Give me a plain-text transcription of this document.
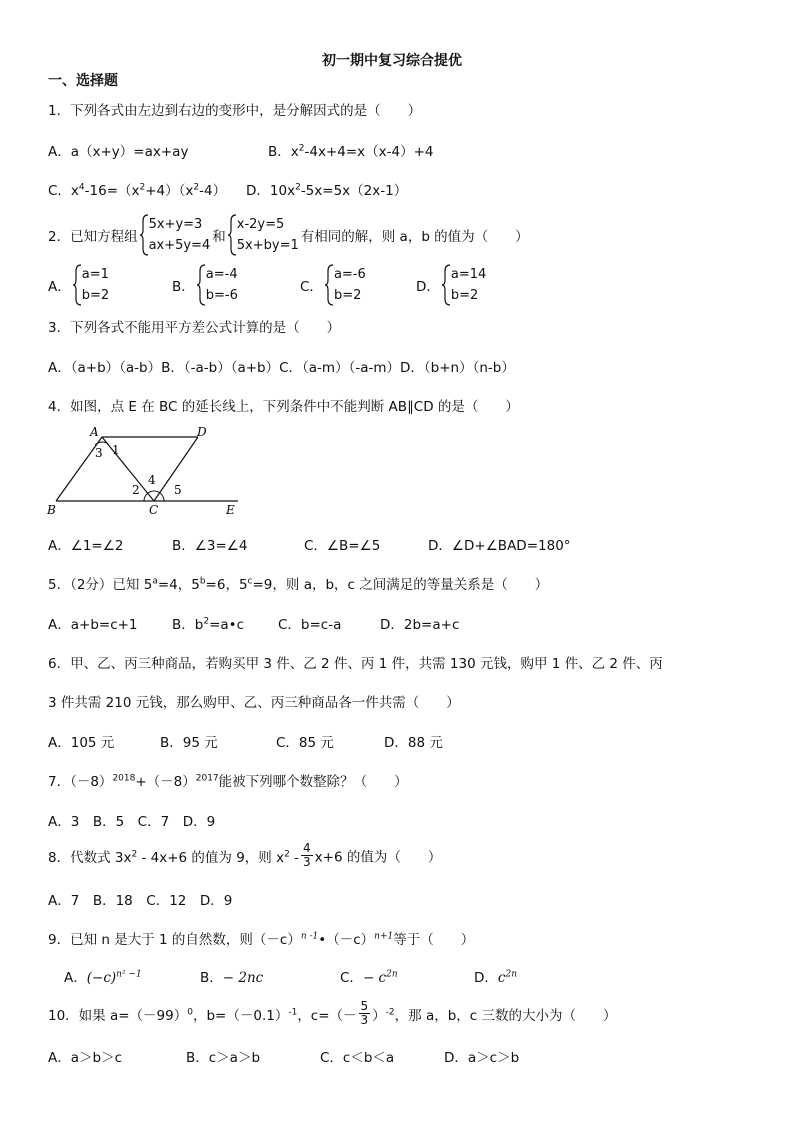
初一期中复习综合提优
一、选择题
1．下列各式由左边到右边的变形中，是分解因式的是（　　）
A．a（x+y）=ax+ay	B．$x^2-4x+4=x(x-4)+4$
C．$x^4-16=(x^2+4)(x^2-4)$ D．$10x^2-5x=5x(2x-1)$
2．已知方程组
5x+y=3
ax+5y=4
和
x-2y=5
5x+by=1
有相同的解，则 a，b 的值为（　　）
A．
a=1
b=2
B．
a=-4
b=-6
C．
a=-6
b=2
D．
a=14
b=2
3．下列各式不能用平方差公式计算的是（　　）
A．（a+b）（a-b）B．（-a-b）（a+b）C．（a-m）（-a-m）D．（b+n）（n-b）
4．如图，点 E 在 BC 的延长线上，下列条件中不能判断 AB∥CD 的是（　　）
A	D
B	C	E
1
3
2
4
5
A．∠1=∠2	B．∠3=∠4	C．∠B=∠5	D．∠D+∠BAD=180°
5．（2分）已知 $5^a=4$，$5^b=6$，$5^c=9$，则 a，b，c 之间满足的等量关系是（　　）
A．a+b=c+1	B．$b^2=a•c$	C．b=c-a	D．2b=a+c
6．甲、乙、丙三种商品，若购买甲 3 件、乙 2 件、丙 1 件，共需 130 元钱，购甲 1 件、乙 2 件、丙
3 件共需 210 元钱，那么购甲、乙、丙三种商品各一件共需（　　）
A．105 元	B．95 元	C．85 元	D．88 元
7．$(-8)^{2018}+(-8)^{2017}$能被下列哪个数整除？（　　）
A．3　B．5　C．7　D．9
8．代数式 $3x^2 - 4x+6$ 的值为 9，则 $x^2 - \frac{4}{3} x+6$ 的值为（　　）
A．7　B．18　C．12　D．9
9．已知 n 是大于 1 的自然数，则$(-c)^{n -1}•(-c)^{n+1}$等于（　　）
A．$(-c)^{n^2 -1}$	B．− 2nc	C．− $c^{2n}$	D．$c^{2n}$
10．如果 $a=(-99)^0$，$b=(-0.1)^{-1}$，$c=(- \frac{5}{3} )^{-2}$，那 a，b，c 三数的大小为（　　）
A．a＞b＞c	B．c＞a＞b	C．c＜b＜a	D．a＞c＞b
